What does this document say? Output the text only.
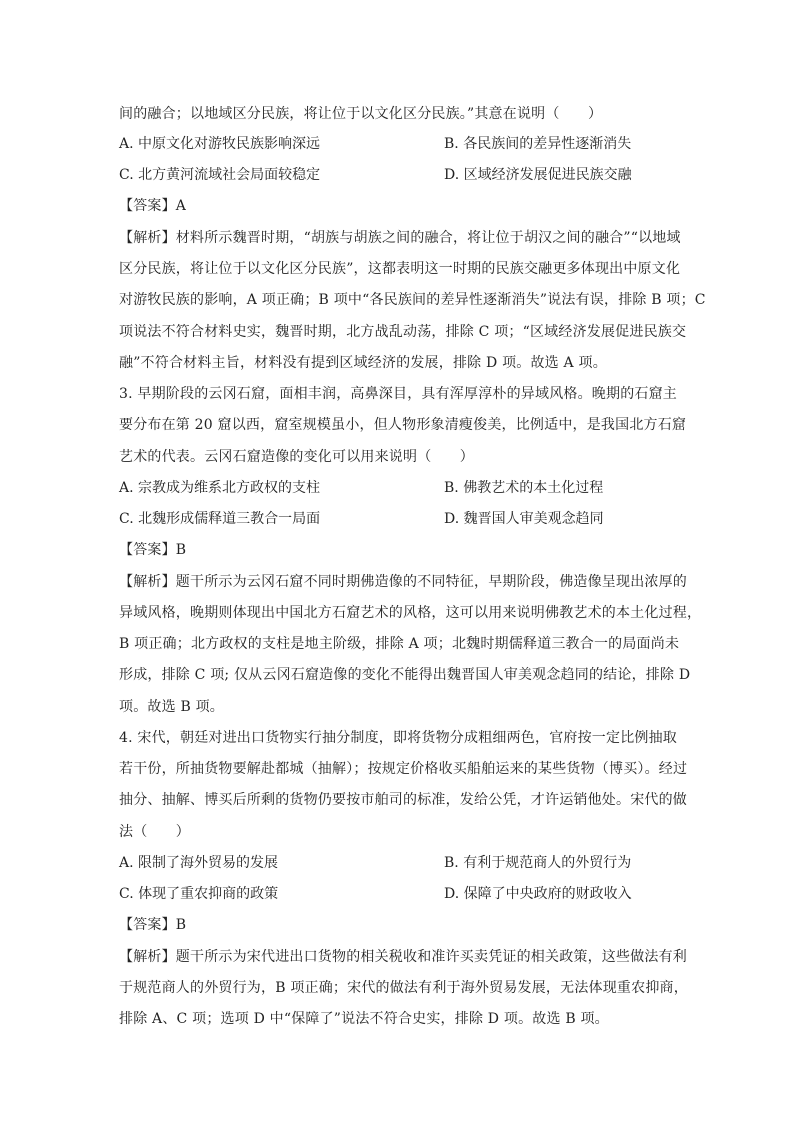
间的融合；以地域区分民族，将让位于以文化区分民族。”其意在说明（　　）
A. 中原文化对游牧民族影响深远	B. 各民族间的差异性逐渐消失
C. 北方黄河流域社会局面较稳定	D. 区域经济发展促进民族交融
【答案】A
【解析】材料所示魏晋时期，“胡族与胡族之间的融合，将让位于胡汉之间的融合”“以地域
区分民族，将让位于以文化区分民族”，这都表明这一时期的民族交融更多体现出中原文化
对游牧民族的影响，A 项正确；B 项中“各民族间的差异性逐渐消失”说法有误，排除 B 项；C
项说法不符合材料史实，魏晋时期，北方战乱动荡，排除 C 项；“区域经济发展促进民族交
融”不符合材料主旨，材料没有提到区域经济的发展，排除 D 项。故选 A 项。
3. 早期阶段的云冈石窟，面相丰润，高鼻深目，具有浑厚淳朴的异域风格。晚期的石窟主
要分布在第 20 窟以西，窟室规模虽小，但人物形象清瘦俊美，比例适中，是我国北方石窟
艺术的代表。云冈石窟造像的变化可以用来说明（　　）
A. 宗教成为维系北方政权的支柱	B. 佛教艺术的本土化过程
C. 北魏形成儒释道三教合一局面	D. 魏晋国人审美观念趋同
【答案】B
【解析】题干所示为云冈石窟不同时期佛造像的不同特征，早期阶段，佛造像呈现出浓厚的
异域风格，晚期则体现出中国北方石窟艺术的风格，这可以用来说明佛教艺术的本土化过程，
B 项正确；北方政权的支柱是地主阶级，排除 A 项；北魏时期儒释道三教合一的局面尚未
形成，排除 C 项; 仅从云冈石窟造像的变化不能得出魏晋国人审美观念趋同的结论，排除 D
项。故选 B 项。
4. 宋代，朝廷对进出口货物实行抽分制度，即将货物分成粗细两色，官府按一定比例抽取
若干份，所抽货物要解赴都城（抽解）；按规定价格收买船舶运来的某些货物（博买）。经过
抽分、抽解、博买后所剩的货物仍要按市舶司的标准，发给公凭，才许运销他处。宋代的做
法（　　）
A. 限制了海外贸易的发展	B. 有利于规范商人的外贸行为
C. 体现了重农抑商的政策	D. 保障了中央政府的财政收入
【答案】B
【解析】题干所示为宋代进出口货物的相关税收和准许买卖凭证的相关政策，这些做法有利
于规范商人的外贸行为，B 项正确；宋代的做法有利于海外贸易发展，无法体现重农抑商，
排除 A、C 项；选项 D 中“保障了”说法不符合史实，排除 D 项。故选 B 项。
